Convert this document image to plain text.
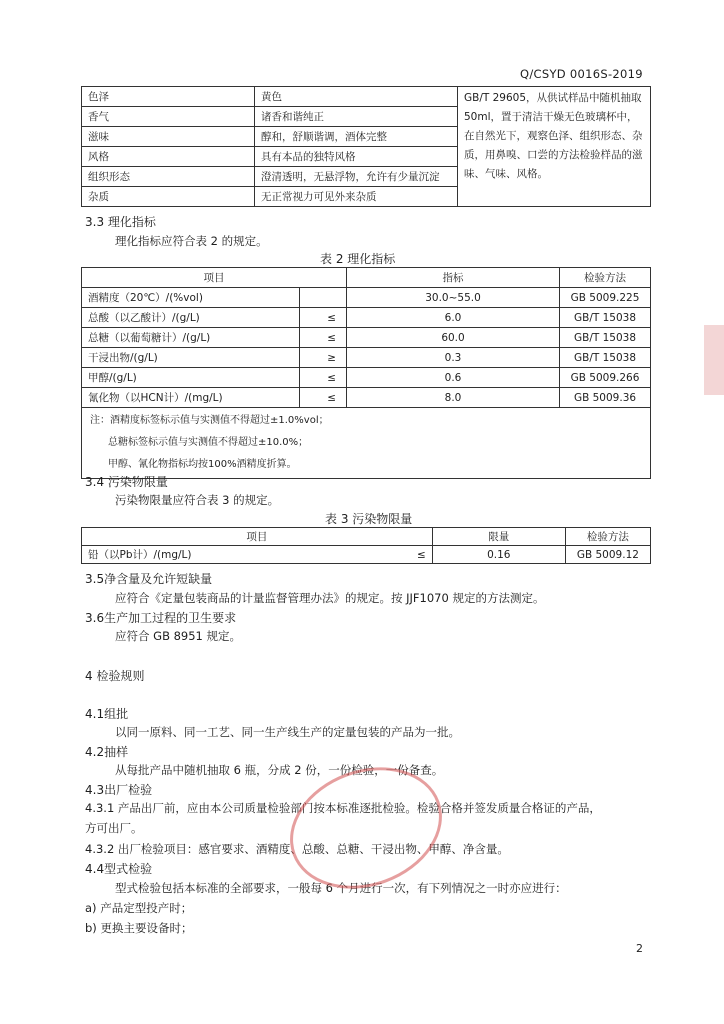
Q/CSYD 0016S-2019
色泽	黄色	GB/T 29605，从供试样品中随机抽取50ml，置于清洁干燥无色玻璃杯中，在自然光下，观察色泽、组织形态、杂质，用鼻嗅、口尝的方法检验样品的滋味、气味、风格。
香气	诸香和谐纯正	
滋味	醇和，舒顺谐调，酒体完整	
风格	具有本品的独特风格	
组织形态	澄清透明，无悬浮物，允许有少量沉淀	
杂质	无正常视力可见外来杂质	
3.3 理化指标
理化指标应符合表 2 的规定。
表 2 理化指标
项目		指标	检验方法
酒精度（20℃）/(%vol)		30.0~55.0	GB 5009.225
总酸（以乙酸计）/(g/L)	≤	6.0	GB/T 15038
总糖（以葡萄糖计）/(g/L)	≤	60.0	GB/T 15038
干浸出物/(g/L)	≥	0.3	GB/T 15038
甲醇/(g/L)	≤	0.6	GB 5009.266
氰化物（以HCN计）/(mg/L)	≤	8.0	GB 5009.36

注：酒精度标签标示值与实测值不得超过±1.0%vol；
总糖标签标示值与实测值不得超过±10.0%；
甲醇、氰化物指标均按100%酒精度折算。			
3.4 污染物限量
污染物限量应符合表 3 的规定。
表 3 污染物限量
项目		限量	检验方法
铅（以Pb计）/(mg/L)	≤	0.16	GB 5009.12
3.5净含量及允许短缺量
应符合《定量包装商品的计量监督管理办法》的规定。按 JJF1070 规定的方法测定。
3.6生产加工过程的卫生要求
应符合 GB 8951 规定。
4 检验规则
4.1组批
以同一原料、同一工艺、同一生产线生产的定量包装的产品为一批。
4.2抽样
从每批产品中随机抽取 6 瓶，分成 2 份，一份检验，一份备查。
4.3出厂检验
4.3.1 产品出厂前，应由本公司质量检验部门按本标准逐批检验。检验合格并签发质量合格证的产品，
方可出厂。
4.3.2 出厂检验项目：感官要求、酒精度、总酸、总糖、干浸出物、甲醇、净含量。
4.4型式检验
型式检验包括本标准的全部要求，一般每 6 个月进行一次，有下列情况之一时亦应进行：
a) 产品定型投产时；
b) 更换主要设备时；
2
